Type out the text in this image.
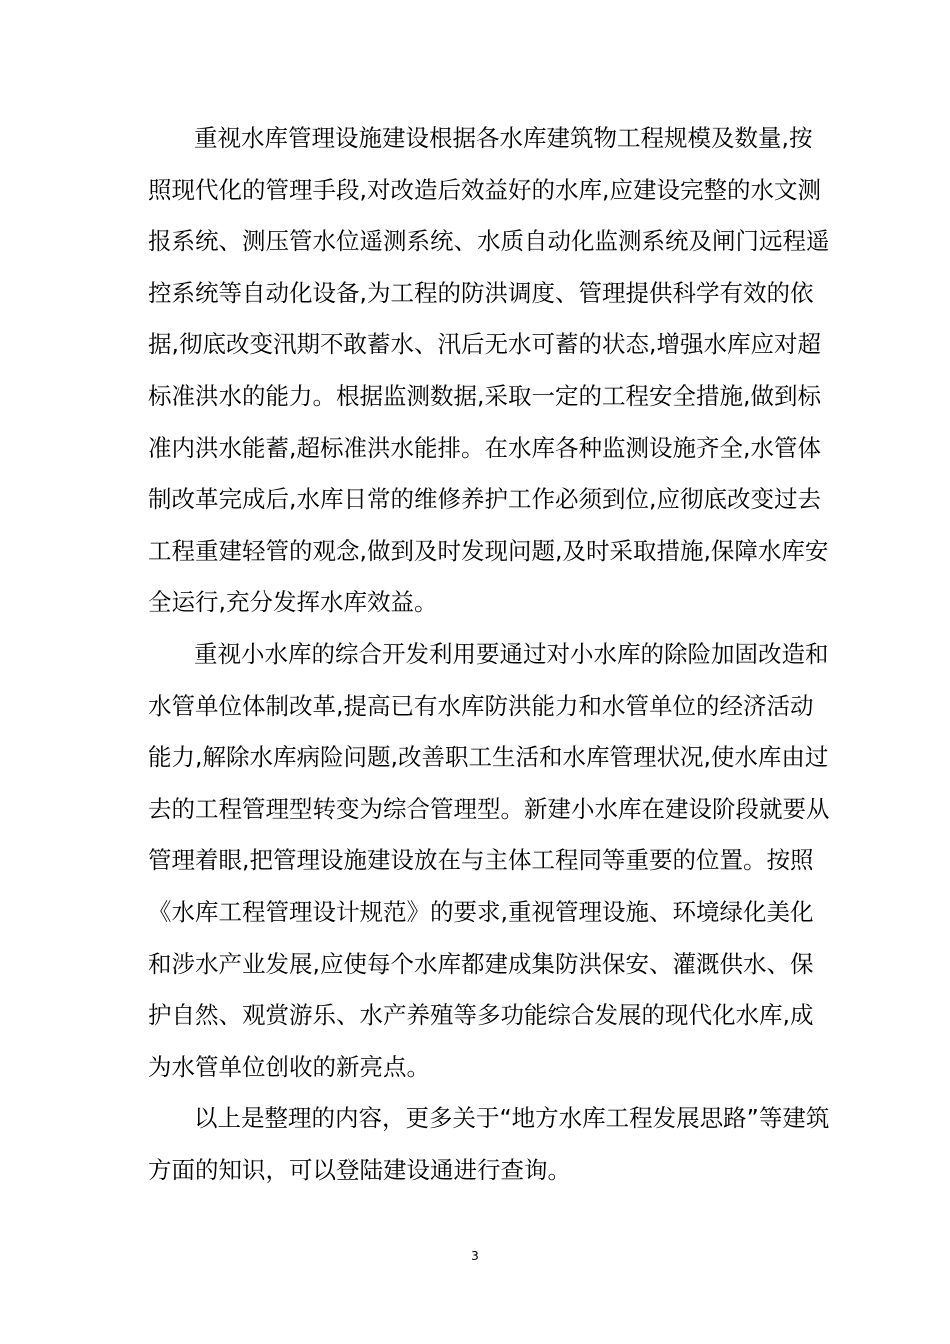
重视水库管理设施建设根据各水库建筑物工程规模及数量,按
照现代化的管理手段,对改造后效益好的水库,应建设完整的水文测
报系统、测压管水位遥测系统、水质自动化监测系统及闸门远程遥
控系统等自动化设备,为工程的防洪调度、管理提供科学有效的依
据,彻底改变汛期不敢蓄水、汛后无水可蓄的状态,增强水库应对超
标准洪水的能力。根据监测数据,采取一定的工程安全措施,做到标
准内洪水能蓄,超标准洪水能排。在水库各种监测设施齐全,水管体
制改革完成后,水库日常的维修养护工作必须到位,应彻底改变过去
工程重建轻管的观念,做到及时发现问题,及时采取措施,保障水库安
全运行,充分发挥水库效益。
重视小水库的综合开发利用要通过对小水库的除险加固改造和
水管单位体制改革,提高已有水库防洪能力和水管单位的经济活动
能力,解除水库病险问题,改善职工生活和水库管理状况,使水库由过
去的工程管理型转变为综合管理型。新建小水库在建设阶段就要从
管理着眼,把管理设施建设放在与主体工程同等重要的位置。按照
《水库工程管理设计规范》的要求,重视管理设施、环境绿化美化
和涉水产业发展,应使每个水库都建成集防洪保安、灌溉供水、保
护自然、观赏游乐、水产养殖等多功能综合发展的现代化水库,成
为水管单位创收的新亮点。
以上是整理的内容，更多关于“地方水库工程发展思路”等建筑
方面的知识，可以登陆建设通进行查询。
3
